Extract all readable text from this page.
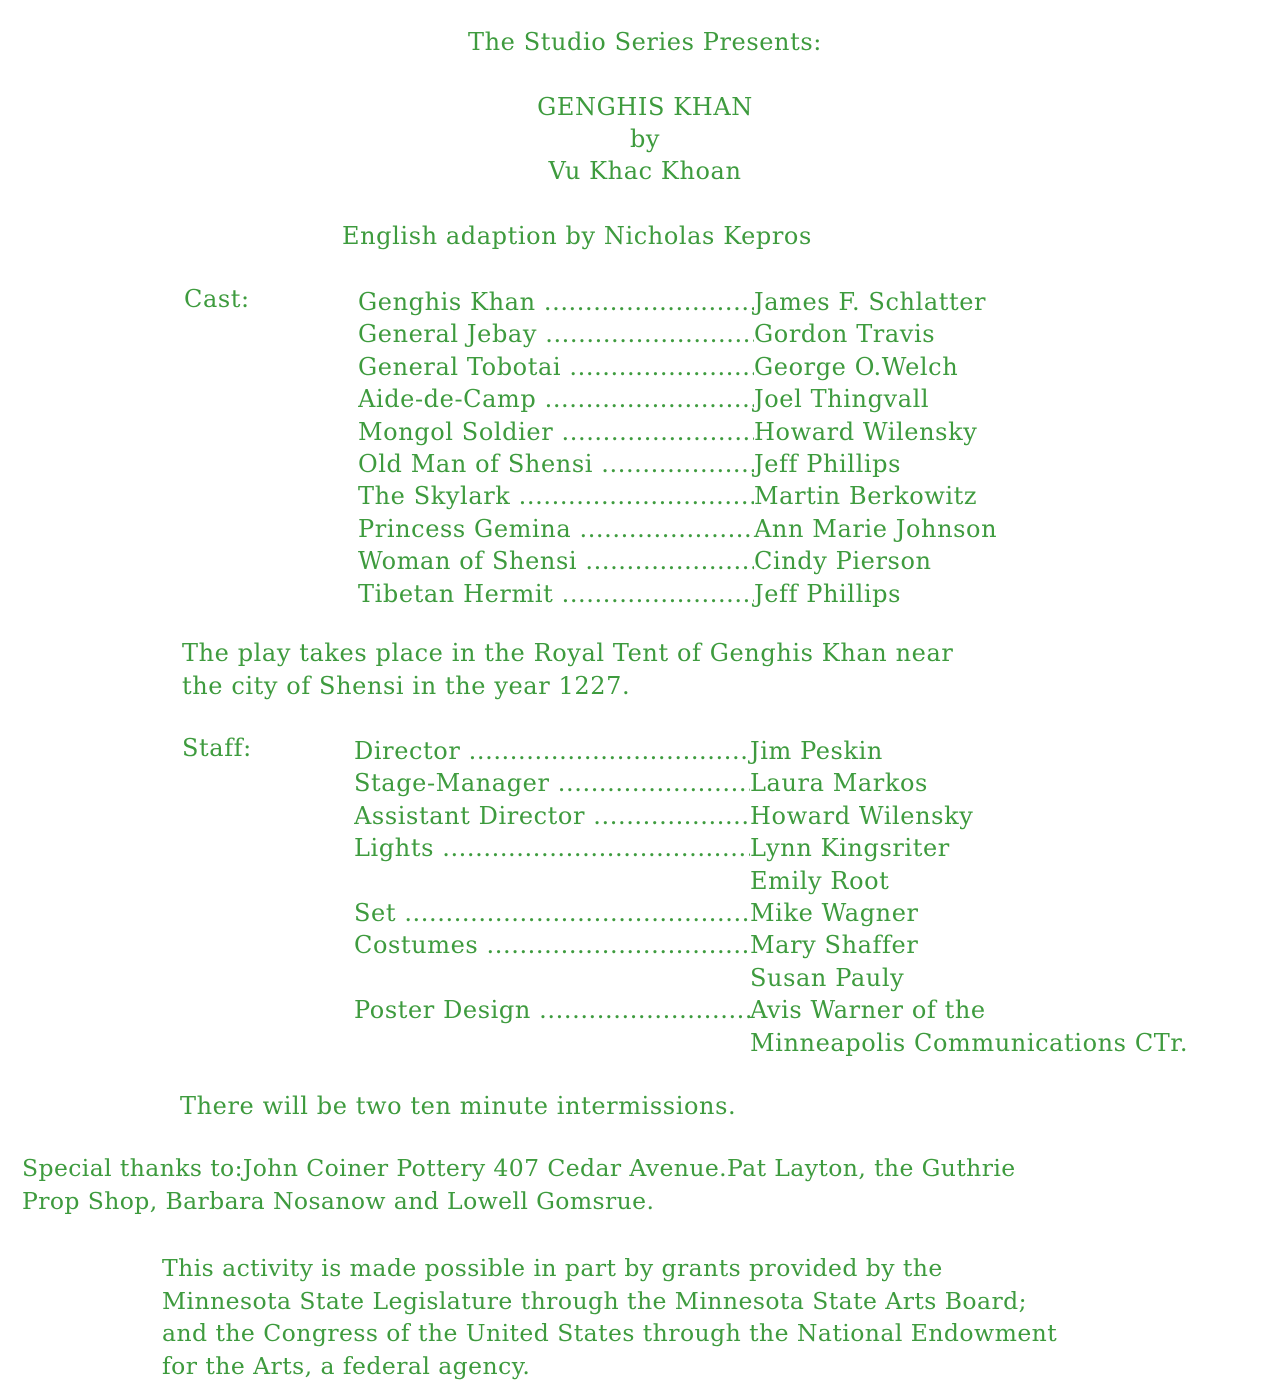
The Studio Series Presents:
GENGHIS KHAN
by
Vu Khac Khoan
English adaption by Nicholas Kepros
Cast:	Genghis Khan .....	James F. Schlatter
General Jebay .....	Gordon Travis
General Tobotai .....	George O.Welch
Aide-de-Camp .....	Joel Thingvall
Mongol Soldier .....	Howard Wilensky
Old Man of Shensi .....	Jeff Phillips
The Skylark .....	Martin Berkowitz
Princess Gemina .....	Ann Marie Johnson
Woman of Shensi .....	Cindy Pierson
Tibetan Hermit .....	Jeff Phillips
The play takes place in the Royal Tent of Genghis Khan near
the city of Shensi in the year 1227.
Staff:	Director .....	Jim Peskin
Stage-Manager .....	Laura Markos
Assistant Director .....	Howard Wilensky
Lights .....	Lynn Kingsriter
Emily Root
Set .....	Mike Wagner
Costumes .....	Mary Shaffer
Susan Pauly
Poster Design .....	Avis Warner of the
Minneapolis Communications CTr.
There will be two ten minute intermissions.
Special thanks to:John Coiner Pottery 407 Cedar Avenue.Pat Layton, the Guthrie
Prop Shop, Barbara Nosanow and Lowell Gomsrue.
This activity is made possible in part by grants provided by the
Minnesota State Legislature through the Minnesota State Arts Board;
and the Congress of the United States through the National Endowment
for the Arts, a federal agency.
